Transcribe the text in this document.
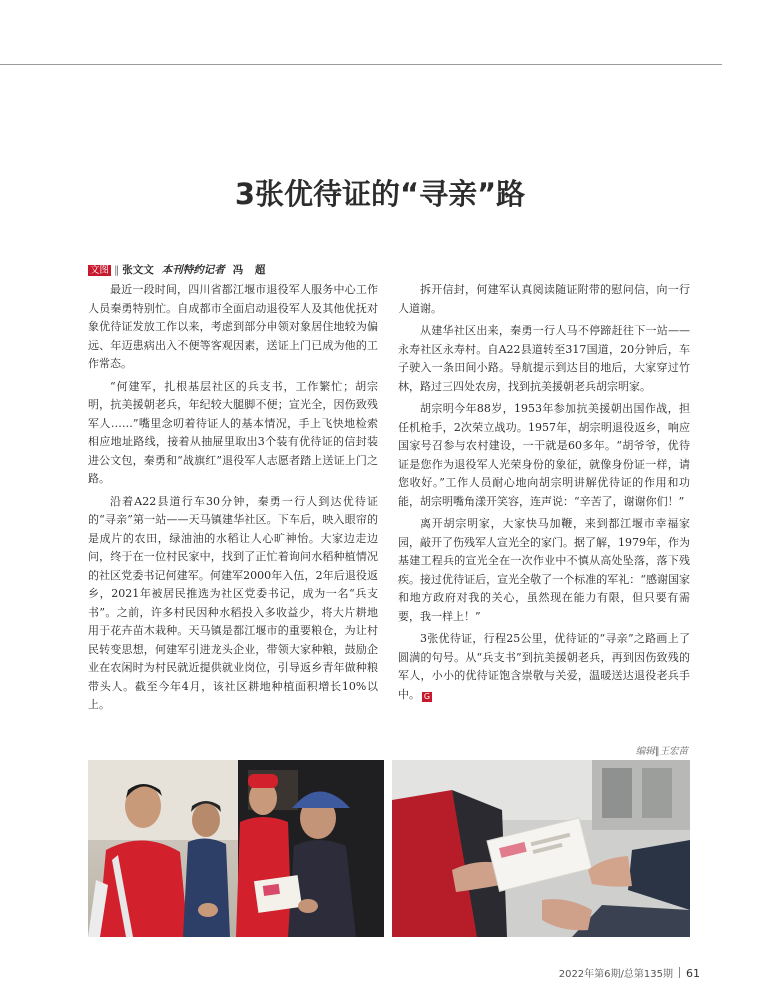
3张优待证的“寻亲”路
文图 ‖ 张文文 本刊特约记者 冯 超

最近一段时间，四川省都江堰市退役军人服务中心工作人员秦勇特别忙。自成都市全面启动退役军人及其他优抚对象优待证发放工作以来，考虑到部分申领对象居住地较为偏远、年迈患病出入不便等客观因素，送证上门已成为他的工作常态。

“何建军，扎根基层社区的兵支书，工作繁忙；胡宗明，抗美援朝老兵，年纪较大腿脚不便；宣光全，因伤致残军人……”嘴里念叨着待证人的基本情况，手上飞快地检索相应地址路线，接着从抽屉里取出3个装有优待证的信封装进公文包，秦勇和“战旗红”退役军人志愿者踏上送证上门之路。

沿着A22县道行车30分钟，秦勇一行人到达优待证的“寻亲”第一站——天马镇建华社区。下车后，映入眼帘的是成片的农田，绿油油的水稻让人心旷神怡。大家边走边问，终于在一位村民家中，找到了正忙着询问水稻种植情况的社区党委书记何建军。何建军2000年入伍，2年后退役返乡，2021年被居民推选为社区党委书记，成为一名“兵支书”。之前，许多村民因种水稻投入多收益少，将大片耕地用于花卉苗木栽种。天马镇是都江堰市的重要粮仓，为让村民转变思想，何建军引进龙头企业，带领大家种粮，鼓励企业在农闲时为村民就近提供就业岗位，引导返乡青年做种粮带头人。截至今年4月，该社区耕地种植面积增长10%以上。

拆开信封，何建军认真阅读随证附带的慰问信，向一行人道谢。

从建华社区出来，秦勇一行人马不停蹄赶往下一站——永寿社区永寿村。自A22县道转至317国道，20分钟后，车子驶入一条田间小路。导航提示到达目的地后，大家穿过竹林，路过三四处农房，找到抗美援朝老兵胡宗明家。

胡宗明今年88岁，1953年参加抗美援朝出国作战，担任机枪手，2次荣立战功。1957年，胡宗明退役返乡，响应国家号召参与农村建设，一干就是60多年。“胡爷爷，优待证是您作为退役军人光荣身份的象征，就像身份证一样，请您收好。”工作人员耐心地向胡宗明讲解优待证的作用和功能，胡宗明嘴角漾开笑容，连声说：“辛苦了，谢谢你们！”

离开胡宗明家，大家快马加鞭，来到都江堰市幸福家园，敲开了伤残军人宣光全的家门。据了解，1979年，作为基建工程兵的宣光全在一次作业中不慎从高处坠落，落下残疾。接过优待证后，宣光全敬了一个标准的军礼：“感谢国家和地方政府对我的关心，虽然现在能力有限，但只要有需要，我一样上！”

3张优待证，行程25公里，优待证的“寻亲”之路画上了圆满的句号。从“兵支书”到抗美援朝老兵，再到因伤致残的军人，小小的优待证饱含崇敬与关爱，温暖送达退役老兵手中。 G

编辑‖王宏苗
2022年第6期/总第135期 61
